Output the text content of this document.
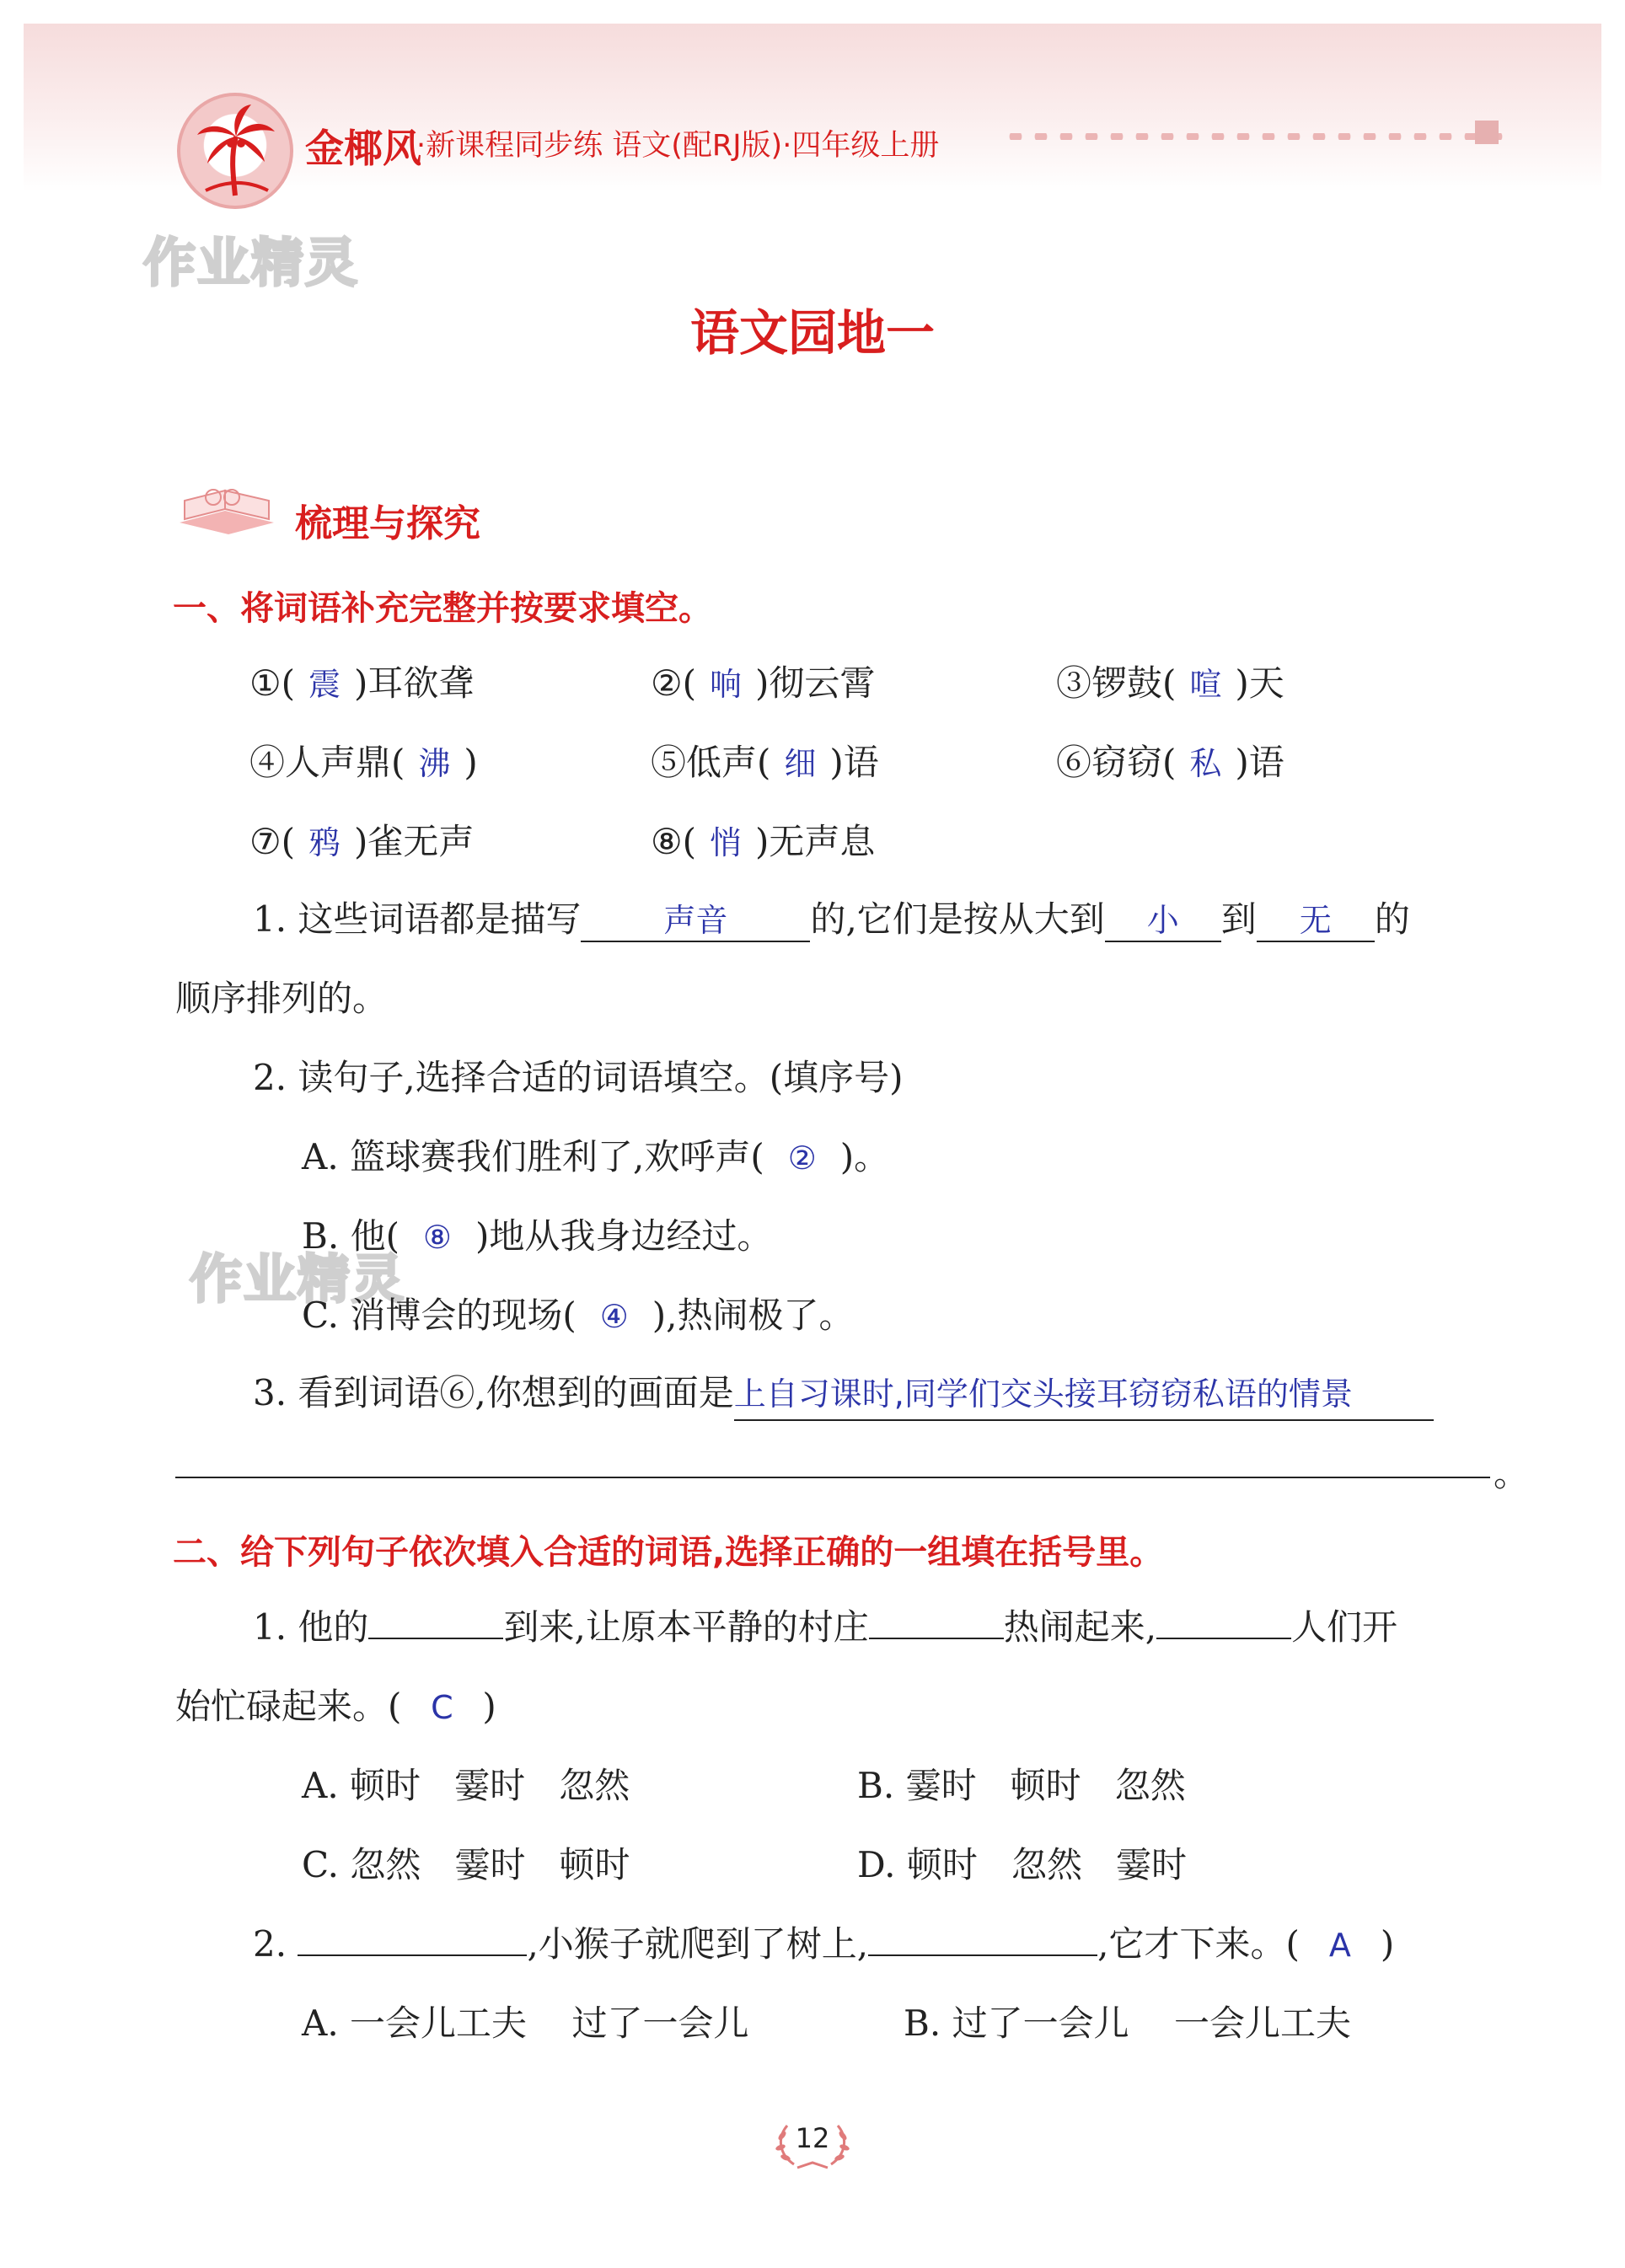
金椰风
·新课程同步练 语文(配RJ版)·四年级上册
作业精灵
作业精灵
语文园地一
梳理与探究
一、将词语补充完整并按要求填空。
①( 震 )耳欲聋	②( 响 )彻云霄	③锣鼓( 喧 )天
④人声鼎( 沸 )	⑤低声( 细 )语	⑥窃窃( 私 )语
⑦( 鸦 )雀无声	⑧( 悄 )无声息
1. 这些词语都是描写	声音 的,它们是按从大到 小 到 无 的
顺序排列的。
2. 读句子,选择合适的词语填空。(填序号)
A. 篮球赛我们胜利了,欢呼声( ② )。
B. 他( ⑧ )地从我身边经过。
C. 消博会的现场( ④ ),热闹极了。
3. 看到词语⑥,你想到的画面是上自习课时,同学们交头接耳窃窃私语的情景
。
二、给下列句子依次填入合适的词语,选择正确的一组填在括号里。
1. 他的	到来,让原本平静的村庄	热闹起来,	人们开
始忙碌起来。( C )
A. 顿时 霎时 忽然	B. 霎时 顿时 忽然
C. 忽然 霎时 顿时	D. 顿时 忽然 霎时
2.	,小猴子就爬到了树上,	,它才下来。( A )
A. 一会儿工夫 过了一会儿	B. 过了一会儿 一会儿工夫
12
